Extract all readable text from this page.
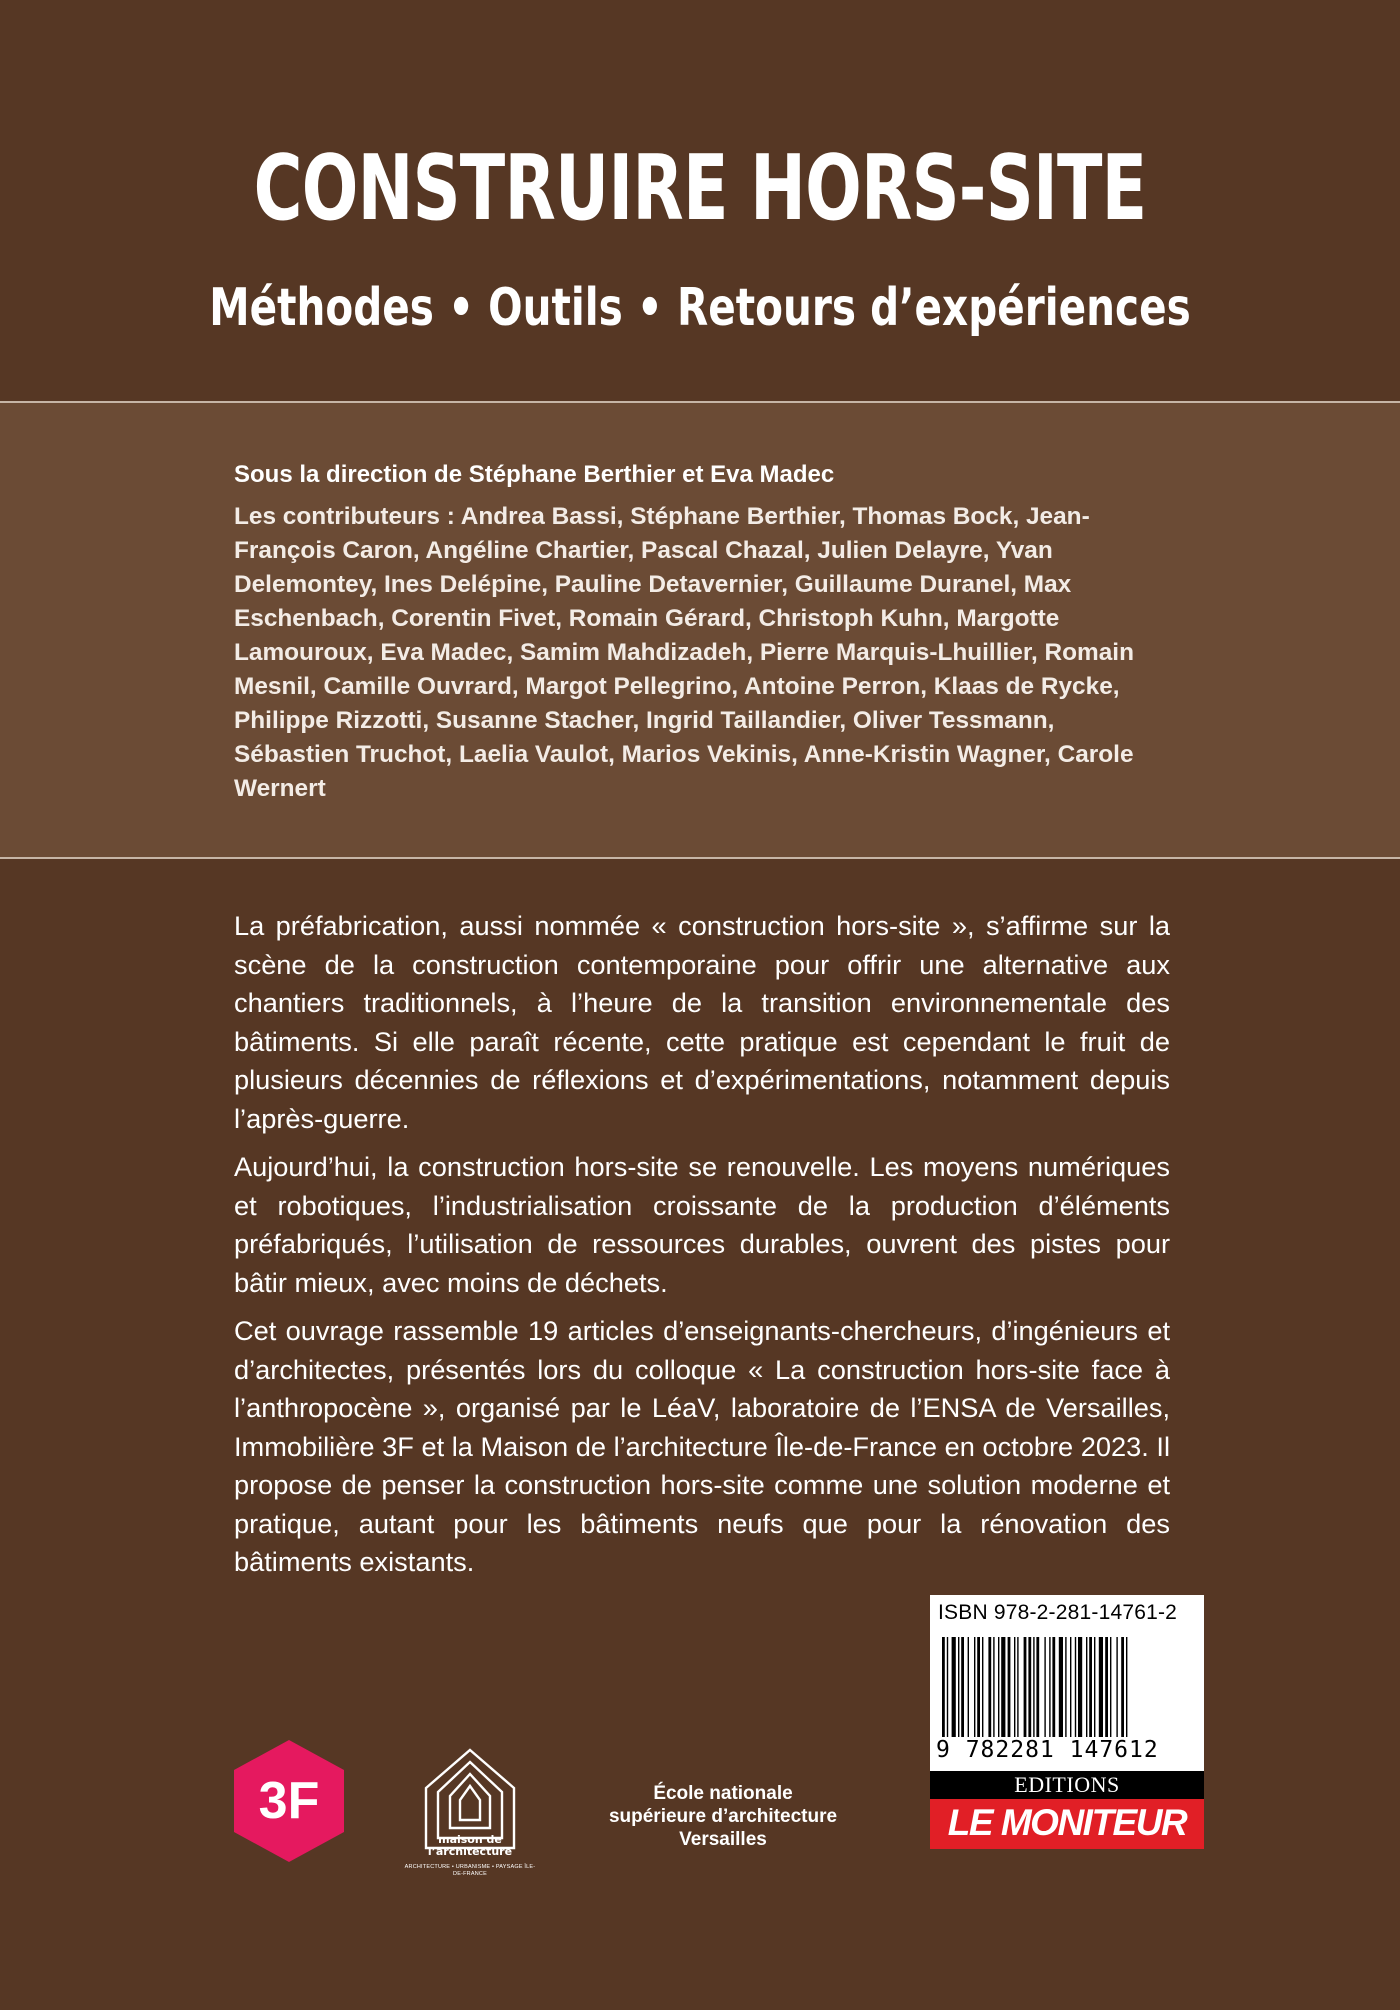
CONSTRUIRE HORS-SITE
Méthodes • Outils • Retours d’expériences
Sous la direction de Stéphane Berthier et Eva Madec

Les contributeurs : Andrea Bassi, Stéphane Berthier, Thomas Bock, Jean-François Caron, Angéline Chartier, Pascal Chazal, Julien Delayre, Yvan Delemontey, Ines Delépine, Pauline Detavernier, Guillaume Duranel, Max Eschenbach, Corentin Fivet, Romain Gérard, Christoph Kuhn, Margotte Lamouroux, Eva Madec, Samim Mahdizadeh, Pierre Marquis-Lhuillier, Romain Mesnil, Camille Ouvrard, Margot Pellegrino, Antoine Perron, Klaas de Rycke, Philippe Rizzotti, Susanne Stacher, Ingrid Taillandier, Oliver Tessmann, Sébastien Truchot, Laelia Vaulot, Marios Vekinis, Anne-Kristin Wagner, Carole Wernert

La préfabrication, aussi nommée « construction hors-site », s’affirme sur la scène de la construction contemporaine pour offrir une alternative aux chantiers traditionnels, à l’heure de la transition environnementale des bâtiments. Si elle paraît récente, cette pratique est cependant le fruit de plusieurs décennies de réflexions et d’expérimentations, notamment depuis l’après-guerre.

Aujourd’hui, la construction hors-site se renouvelle. Les moyens numériques et robotiques, l’industrialisation croissante de la production d’éléments préfabriqués, l’utilisation de ressources durables, ouvrent des pistes pour bâtir mieux, avec moins de déchets.

Cet ouvrage rassemble 19 articles d’enseignants-chercheurs, d’ingénieurs et d’architectes, présentés lors du colloque « La construction hors-site face à l’anthropocène », organisé par le LéaV, laboratoire de l’ENSA de Versailles, Immobilière 3F et la Maison de l’architecture Île-de-France en octobre 2023. Il propose de penser la construction hors-site comme une solution moderne et pratique, autant pour les bâtiments neufs que pour la rénovation des bâtiments existants.

ISBN 978-2-281-14761-2
9 782281 147612
EDITIONS
LE MONITEUR
3F
maison de l’architecture
ARCHITECTURE • URBANISME • PAYSAGE ÎLE-DE-FRANCE
École nationale
supérieure d’architecture
Versailles
